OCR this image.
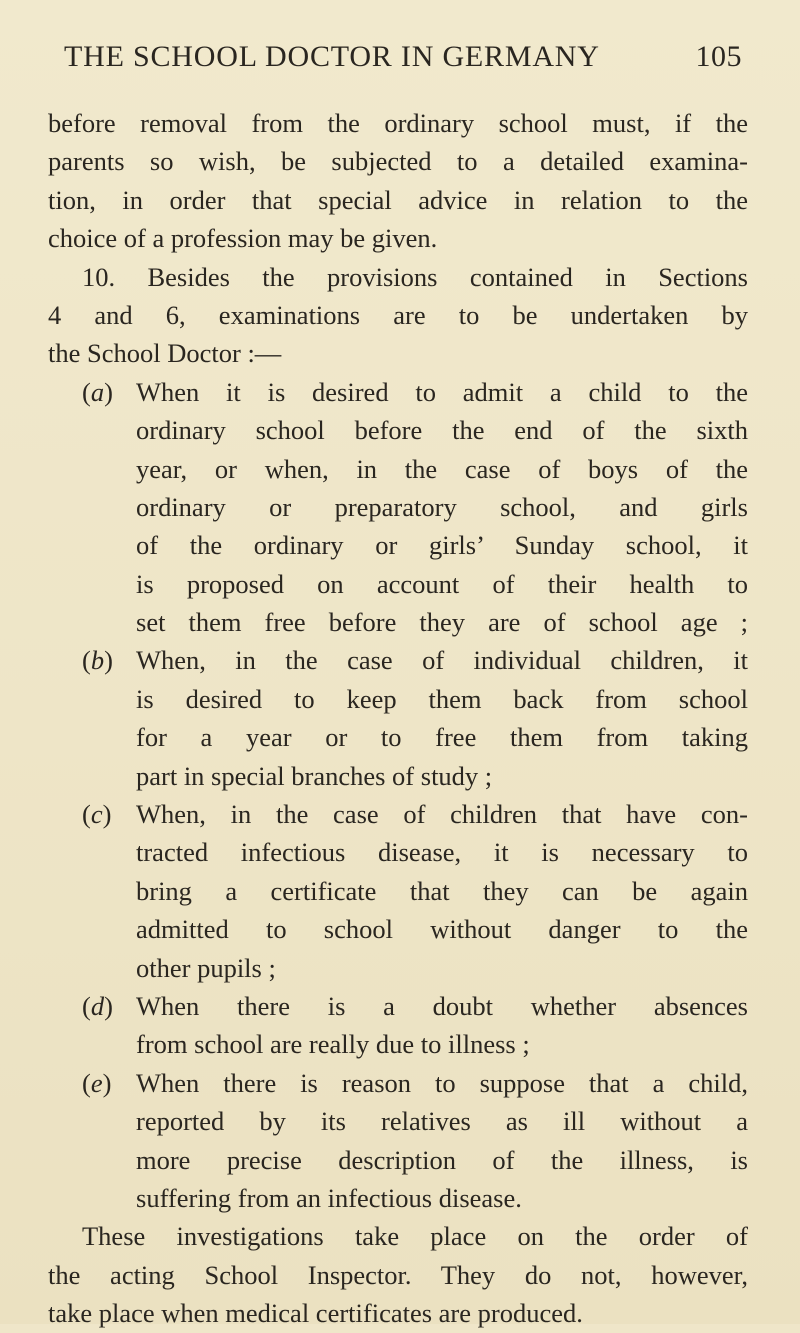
THE SCHOOL DOCTOR IN GERMANY	105
before removal from the ordinary school must, if the
parents so wish, be subjected to a detailed examina-
tion, in order that special advice in relation to the
choice of a profession may be given.
10. Besides the provisions contained in Sections
4 and 6, examinations are to be undertaken by
the School Doctor :—
(a) When it is desired to admit a child to the
ordinary school before the end of the sixth
year, or when, in the case of boys of the
ordinary or preparatory school, and girls
of the ordinary or girls’ Sunday school, it
is proposed on account of their health to
set them free before they are of school age ;
(b) When, in the case of individual children, it
is desired to keep them back from school
for a year or to free them from taking
part in special branches of study ;
(c) When, in the case of children that have con-
tracted infectious disease, it is necessary to
bring a certificate that they can be again
admitted to school without danger to the
other pupils ;
(d) When there is a doubt whether absences
from school are really due to illness ;
(e) When there is reason to suppose that a child,
reported by its relatives as ill without a
more precise description of the illness, is
suffering from an infectious disease.
These investigations take place on the order of
the acting School Inspector. They do not, however,
take place when medical certificates are produced.
